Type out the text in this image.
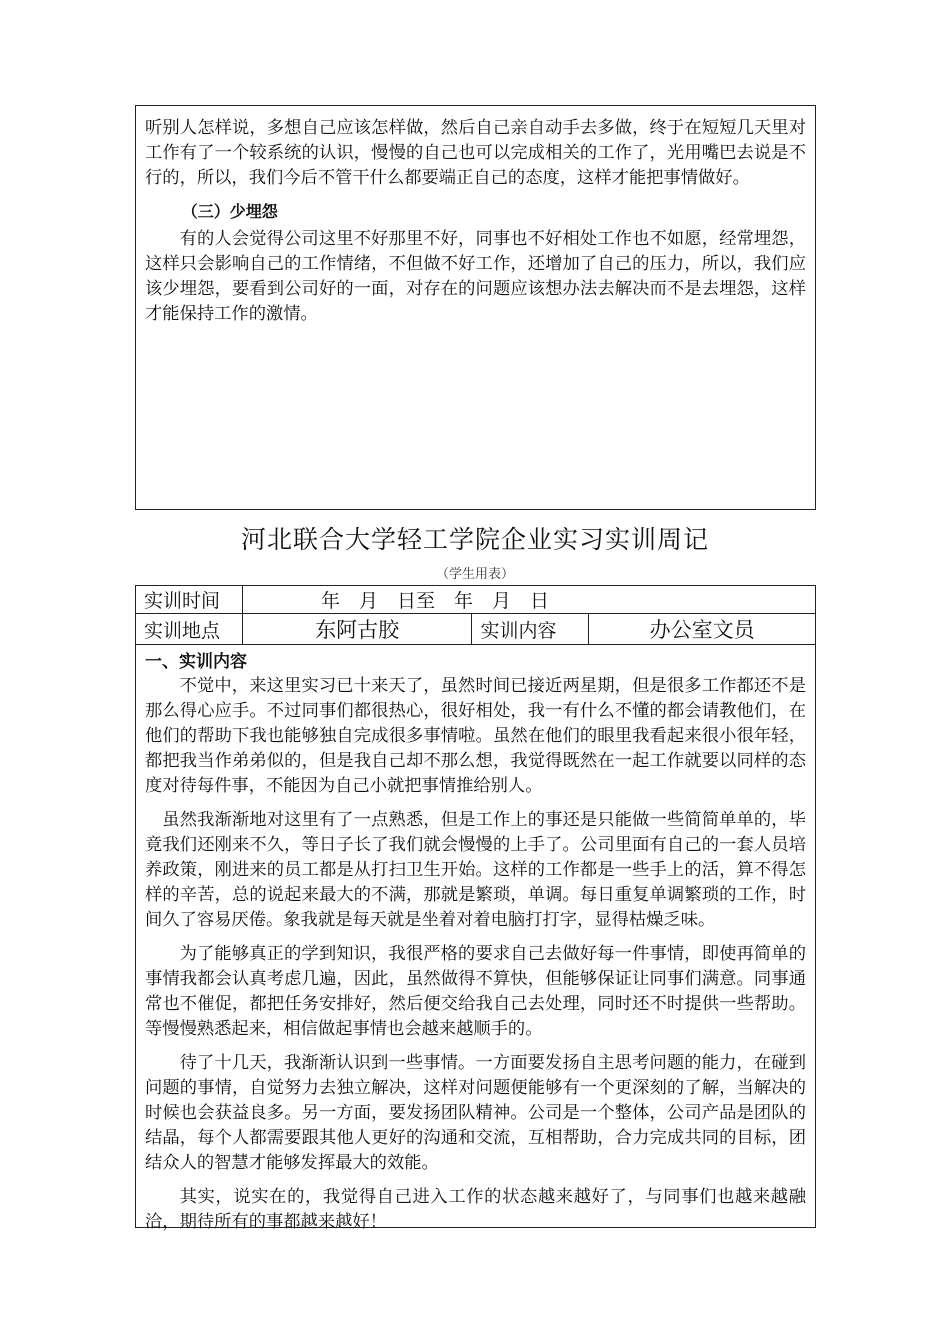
听别人怎样说，多想自己应该怎样做，然后自己亲自动手去多做，终于在短短几天里对工作有了一个较系统的认识，慢慢的自己也可以完成相关的工作了，光用嘴巴去说是不行的，所以，我们今后不管干什么都要端正自己的态度，这样才能把事情做好。

（三）少埋怨

有的人会觉得公司这里不好那里不好，同事也不好相处工作也不如愿，经常埋怨，这样只会影响自己的工作情绪，不但做不好工作，还增加了自己的压力，所以，我们应该少埋怨，要看到公司好的一面，对存在的问题应该想办法去解决而不是去埋怨，这样才能保持工作的激情。

河北联合大学轻工学院企业实习实训周记

（学生用表）

实训时间	年　月　日至　年　月　日		
实训地点	东阿古胶	实训内容	办公室文员

一、实训内容

不觉中，来这里实习已十来天了，虽然时间已接近两星期，但是很多工作都还不是那么得心应手。不过同事们都很热心，很好相处，我一有什么不懂的都会请教他们，在他们的帮助下我也能够独自完成很多事情啦。虽然在他们的眼里我看起来很小很年轻，都把我当作弟弟似的，但是我自己却不那么想，我觉得既然在一起工作就要以同样的态度对待每件事，不能因为自己小就把事情推给别人。

虽然我渐渐地对这里有了一点熟悉，但是工作上的事还是只能做一些简简单单的，毕竟我们还刚来不久，等日子长了我们就会慢慢的上手了。公司里面有自己的一套人员培养政策，刚进来的员工都是从打扫卫生开始。这样的工作都是一些手上的活，算不得怎样的辛苦，总的说起来最大的不满，那就是繁琐，单调。每日重复单调繁琐的工作，时间久了容易厌倦。象我就是每天就是坐着对着电脑打打字，显得枯燥乏味。

为了能够真正的学到知识，我很严格的要求自己去做好每一件事情，即使再简单的事情我都会认真考虑几遍，因此，虽然做得不算快，但能够保证让同事们满意。同事通常也不催促，都把任务安排好，然后便交给我自己去处理，同时还不时提供一些帮助。等慢慢熟悉起来，相信做起事情也会越来越顺手的。

待了十几天，我渐渐认识到一些事情。一方面要发扬自主思考问题的能力，在碰到问题的事情，自觉努力去独立解决，这样对问题便能够有一个更深刻的了解，当解决的时候也会获益良多。另一方面，要发扬团队精神。公司是一个整体，公司产品是团队的结晶，每个人都需要跟其他人更好的沟通和交流，互相帮助，合力完成共同的目标，团结众人的智慧才能够发挥最大的效能。

其实，说实在的，我觉得自己进入工作的状态越来越好了，与同事们也越来越融洽，期待所有的事都越来越好！
